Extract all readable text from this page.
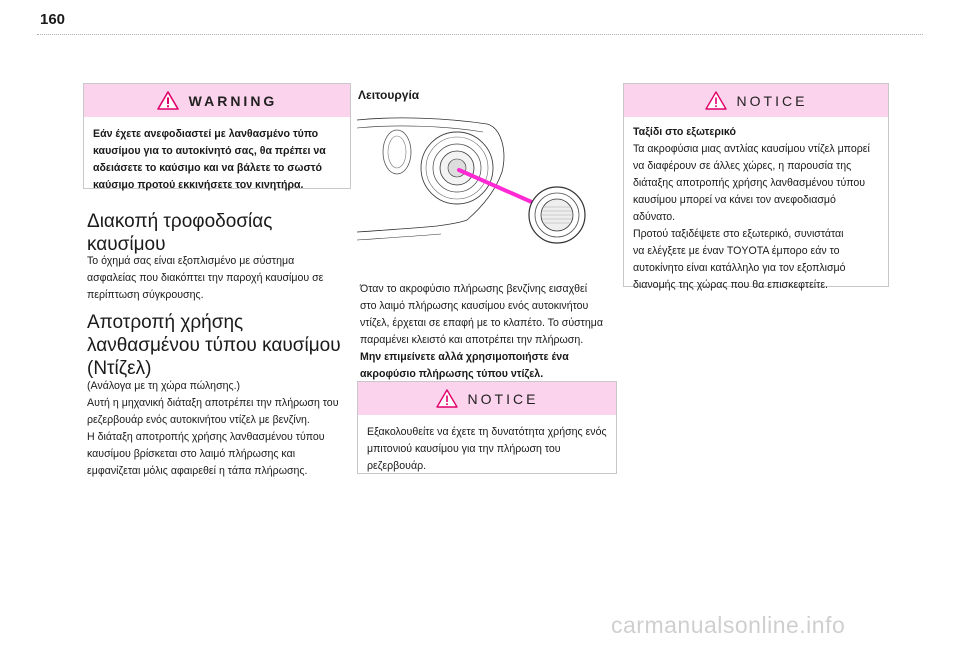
160
WARNING
Εάν έχετε ανεφοδιαστεί με λανθασμένο τύπο
καυσίμου για το αυτοκίνητό σας, θα πρέπει να
αδειάσετε το καύσιμο και να βάλετε το σωστό
καύσιμο προτού εκκινήσετε τον κινητήρα.
Διακοπή τροφοδοσίας
καυσίμου
Το όχημά σας είναι εξοπλισμένο με σύστημα
ασφαλείας που διακόπτει την παροχή καυσίμου σε
περίπτωση σύγκρουσης.
Αποτροπή χρήσης
λανθασμένου τύπου καυσίμου
(Ντίζελ)
(Ανάλογα με τη χώρα πώλησης.)
Αυτή η μηχανική διάταξη αποτρέπει την πλήρωση του
ρεζερβουάρ ενός αυτοκινήτου ντίζελ με βενζίνη.
Η διάταξη αποτροπής χρήσης λανθασμένου τύπου
καυσίμου βρίσκεται στο λαιμό πλήρωσης και
εμφανίζεται μόλις αφαιρεθεί η τάπα πλήρωσης.
Λειτουργία
Όταν το ακροφύσιο πλήρωσης βενζίνης εισαχθεί
στο λαιμό πλήρωσης καυσίμου ενός αυτοκινήτου
ντίζελ, έρχεται σε επαφή με το κλαπέτο. Το σύστημα
παραμένει κλειστό και αποτρέπει την πλήρωση.
Μην επιμείνετε αλλά χρησιμοποιήστε ένα
ακροφύσιο πλήρωσης τύπου ντίζελ.
NOTICE
Εξακολουθείτε να έχετε τη δυνατότητα χρήσης ενός
μπιτονιού καυσίμου για την πλήρωση του
ρεζερβουάρ.
NOTICE
Ταξίδι στο εξωτερικό
Τα ακροφύσια μιας αντλίας καυσίμου ντίζελ μπορεί
να διαφέρουν σε άλλες χώρες, η παρουσία της
διάταξης αποτροπής χρήσης λανθασμένου τύπου
καυσίμου μπορεί να κάνει τον ανεφοδιασμό
αδύνατο.
Προτού ταξιδέψετε στο εξωτερικό, συνιστάται
να ελέγξετε με έναν TOYOTA έμπορο εάν το
αυτοκίνητο είναι κατάλληλο για τον εξοπλισμό
διανομής της χώρας που θα επισκεφτείτε.
carmanualsonline.info
